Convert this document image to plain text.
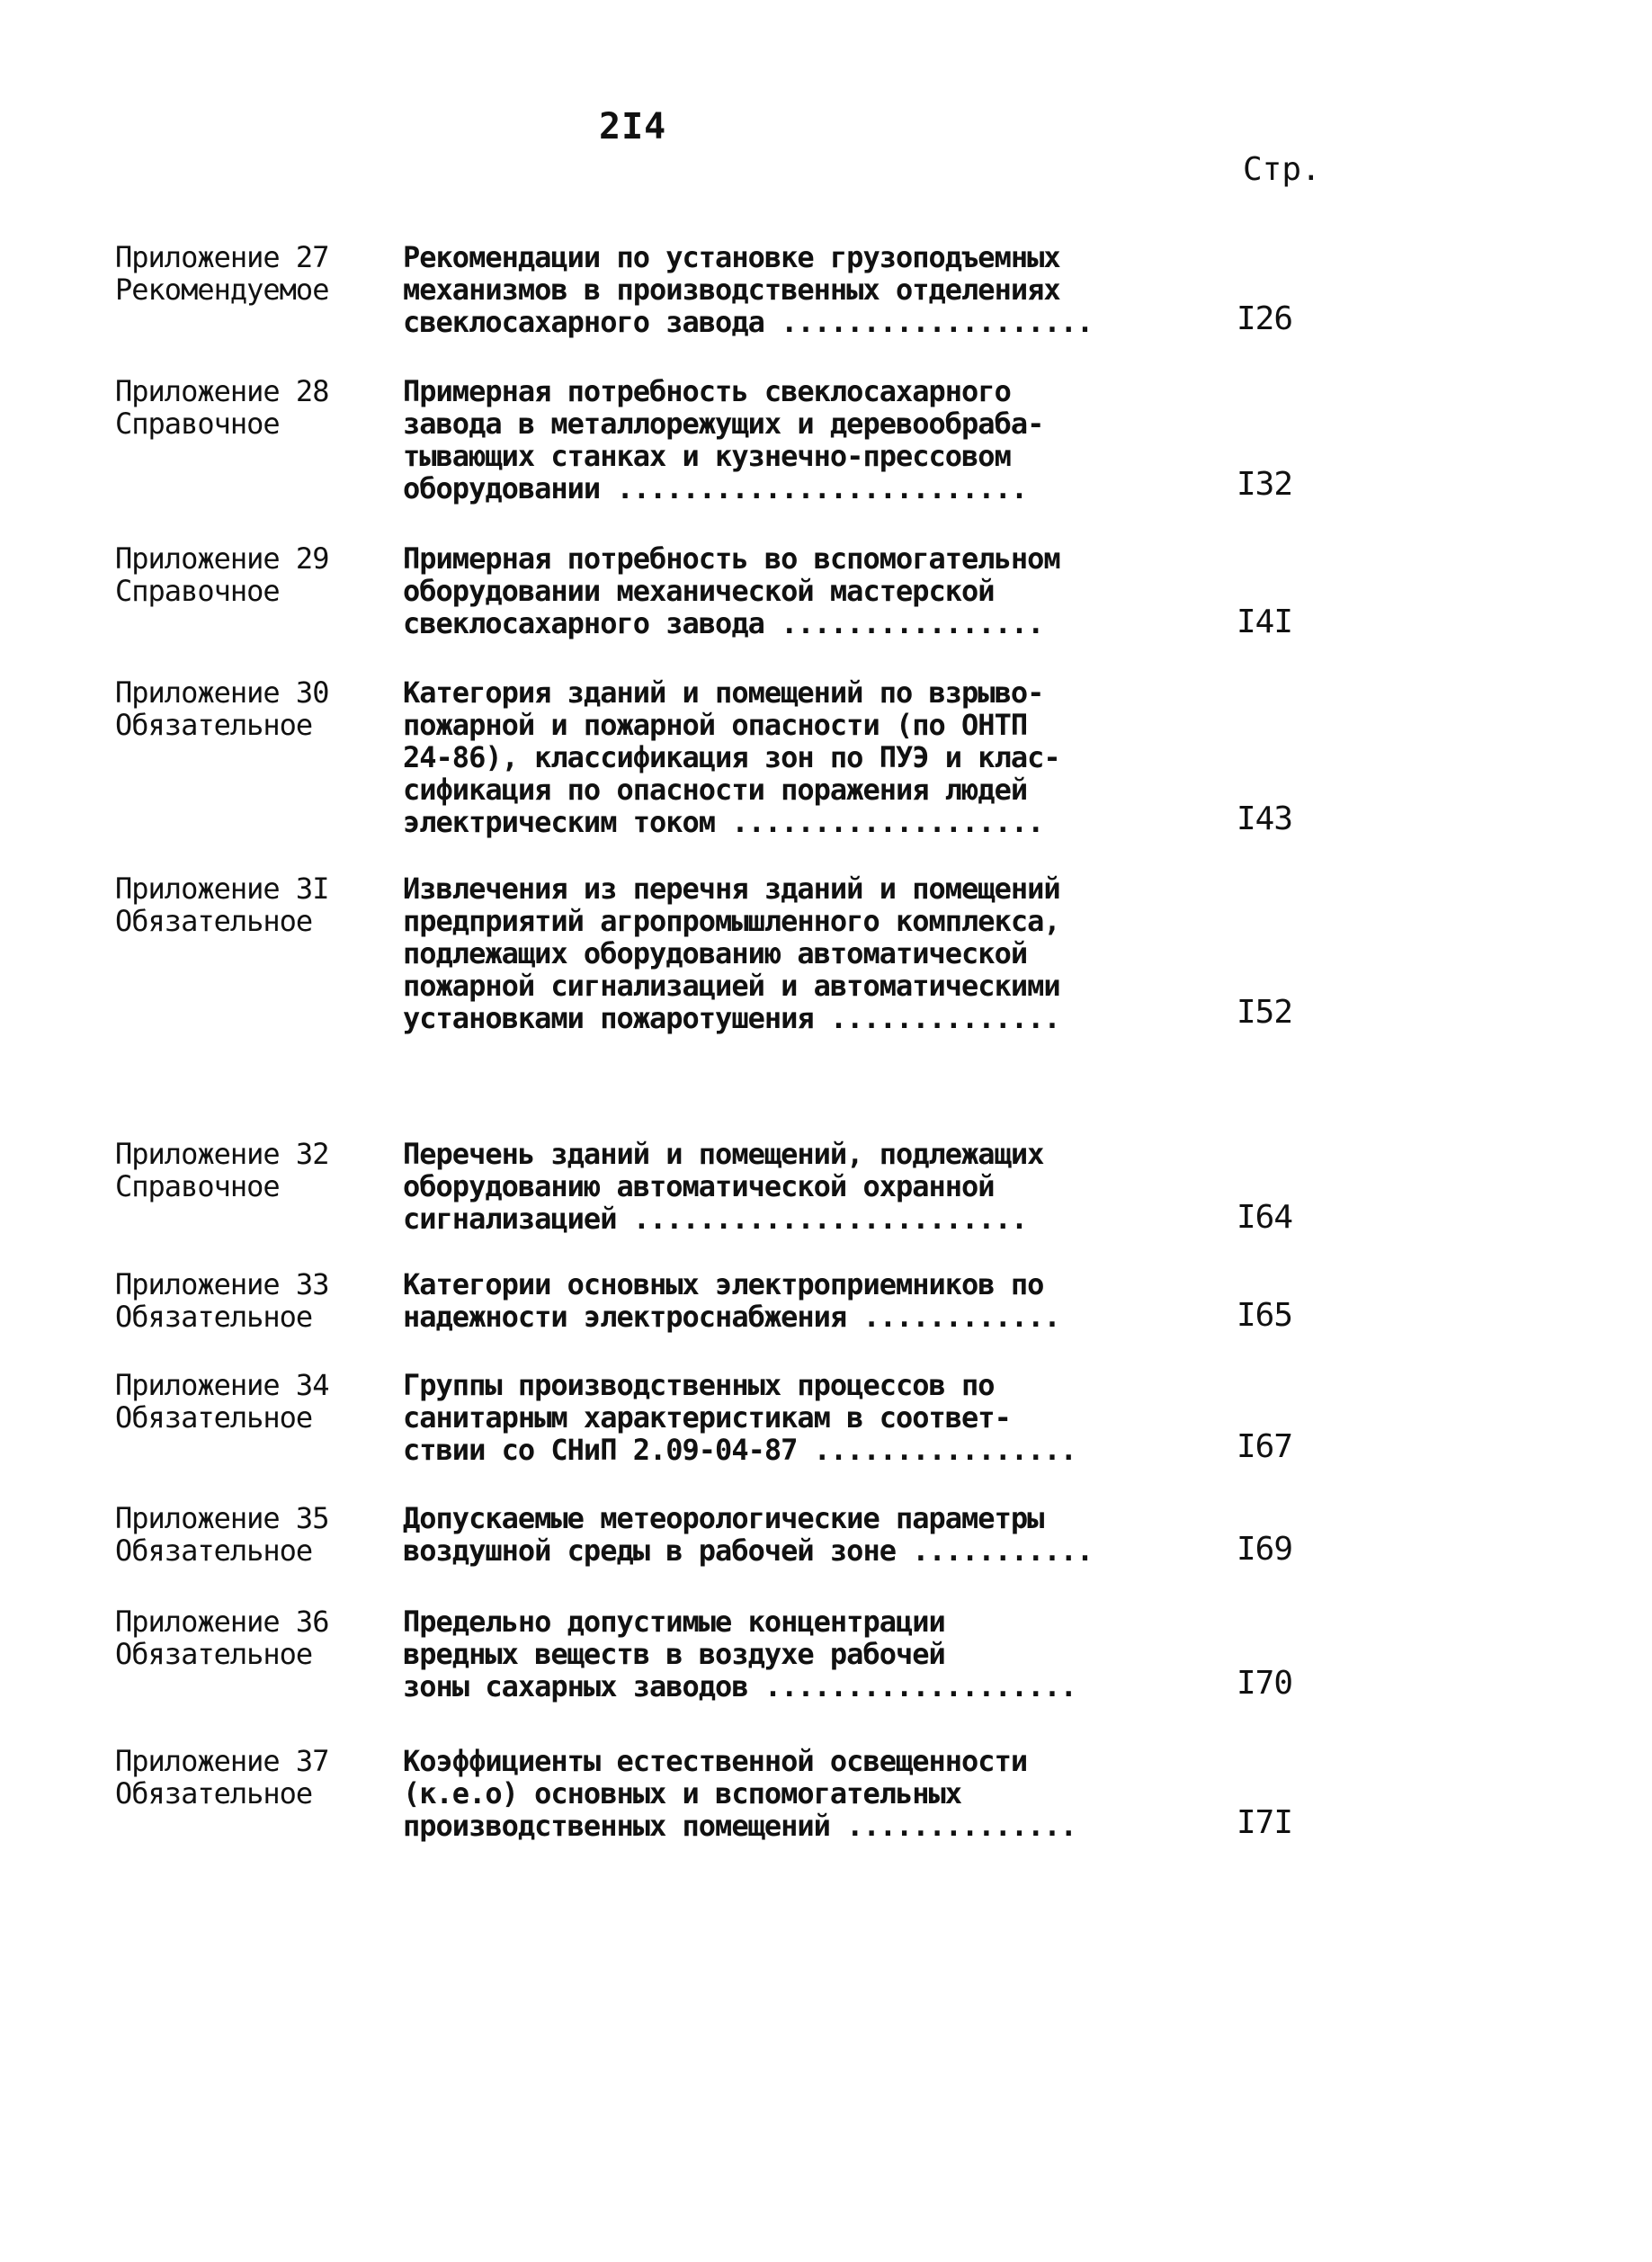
2I4
Стр.
Приложение 27
Рекомендуемое
Рекомендации по установке грузоподъемных
механизмов в производственных отделениях
свеклосахарного завода ...................	I26
Приложение 28
Справочное
Примерная потребность свеклосахарного
завода в металлорежущих и деревообраба-
тывающих станках и кузнечно-прессовом
оборудовании .........................	I32
Приложение 29
Справочное
Примерная потребность во вспомогательном
оборудовании механической мастерской
свеклосахарного завода ................	I4I
Приложение 30
Обязательное
Категория зданий и помещений по взрыво-
пожарной и пожарной опасности (по ОНТП
24-86), классификация зон по ПУЭ и клас-
сификация по опасности поражения людей
электрическим током ...................	I43
Приложение 3I
Обязательное
Извлечения из перечня зданий и помещений
предприятий агропромышленного комплекса,
подлежащих оборудованию автоматической
пожарной сигнализацией и автоматическими
установками пожаротушения ..............	I52
Приложение 32
Справочное
Перечень зданий и помещений, подлежащих
оборудованию автоматической охранной
сигнализацией ........................	I64
Приложение 33
Обязательное
Категории основных электроприемников по
надежности электроснабжения ............	I65
Приложение 34
Обязательное
Группы производственных процессов по
санитарным характеристикам в соответ-
ствии со СНиП 2.09-04-87 ................	I67
Приложение 35
Обязательное
Допускаемые метеорологические параметры
воздушной среды в рабочей зоне ...........	I69
Приложение 36
Обязательное
Предельно допустимые концентрации
вредных веществ в воздухе рабочей
зоны сахарных заводов ...................	I70
Приложение 37
Обязательное
Коэффициенты естественной освещенности
(к.е.о) основных и вспомогательных
производственных помещений ..............	I7I
